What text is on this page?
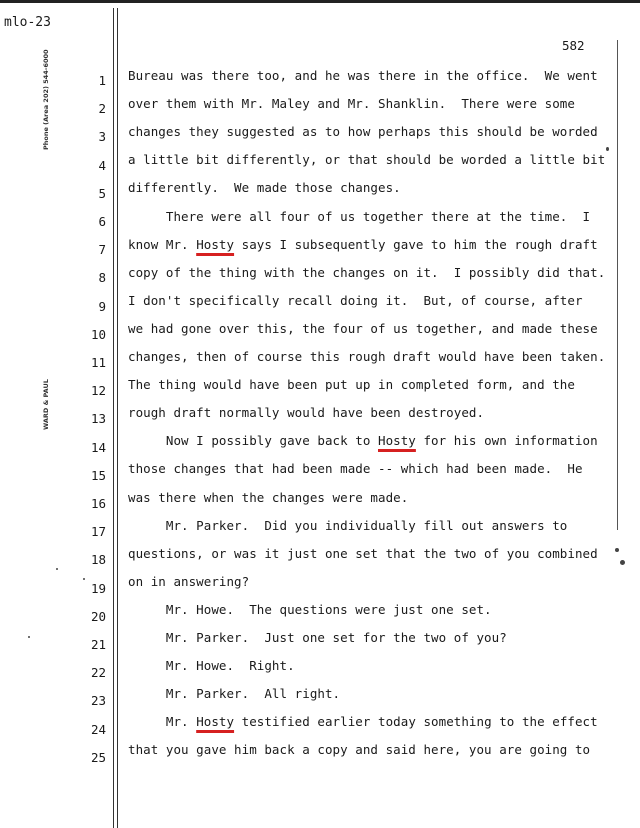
mlo-23
582
Phone (Area 202) 544-6000
WARD & PAUL
1 Bureau was there too, and he was there in the office.  We went
2 over them with Mr. Maley and Mr. Shanklin.  There were some
3 changes they suggested as to how perhaps this should be worded
4 a little bit differently, or that should be worded a little bit
5 differently.  We made those changes.
6 There were all four of us together there at the time.  I
7 know Mr. Hosty says I subsequently gave to him the rough draft
8 copy of the thing with the changes on it.  I possibly did that.
9 I don't specifically recall doing it.  But, of course, after
10 we had gone over this, the four of us together, and made these
11 changes, then of course this rough draft would have been taken.
12 The thing would have been put up in completed form, and the
13 rough draft normally would have been destroyed.
14 Now I possibly gave back to Hosty for his own information
15 those changes that had been made -- which had been made.  He
16 was there when the changes were made.
17 Mr. Parker.  Did you individually fill out answers to
18 questions, or was it just one set that the two of you combined
19 on in answering?
20 Mr. Howe.  The questions were just one set.
21 Mr. Parker.  Just one set for the two of you?
22 Mr. Howe.  Right.
23 Mr. Parker.  All right.
24 Mr. Hosty testified earlier today something to the effect
25 that you gave him back a copy and said here, you are going to
